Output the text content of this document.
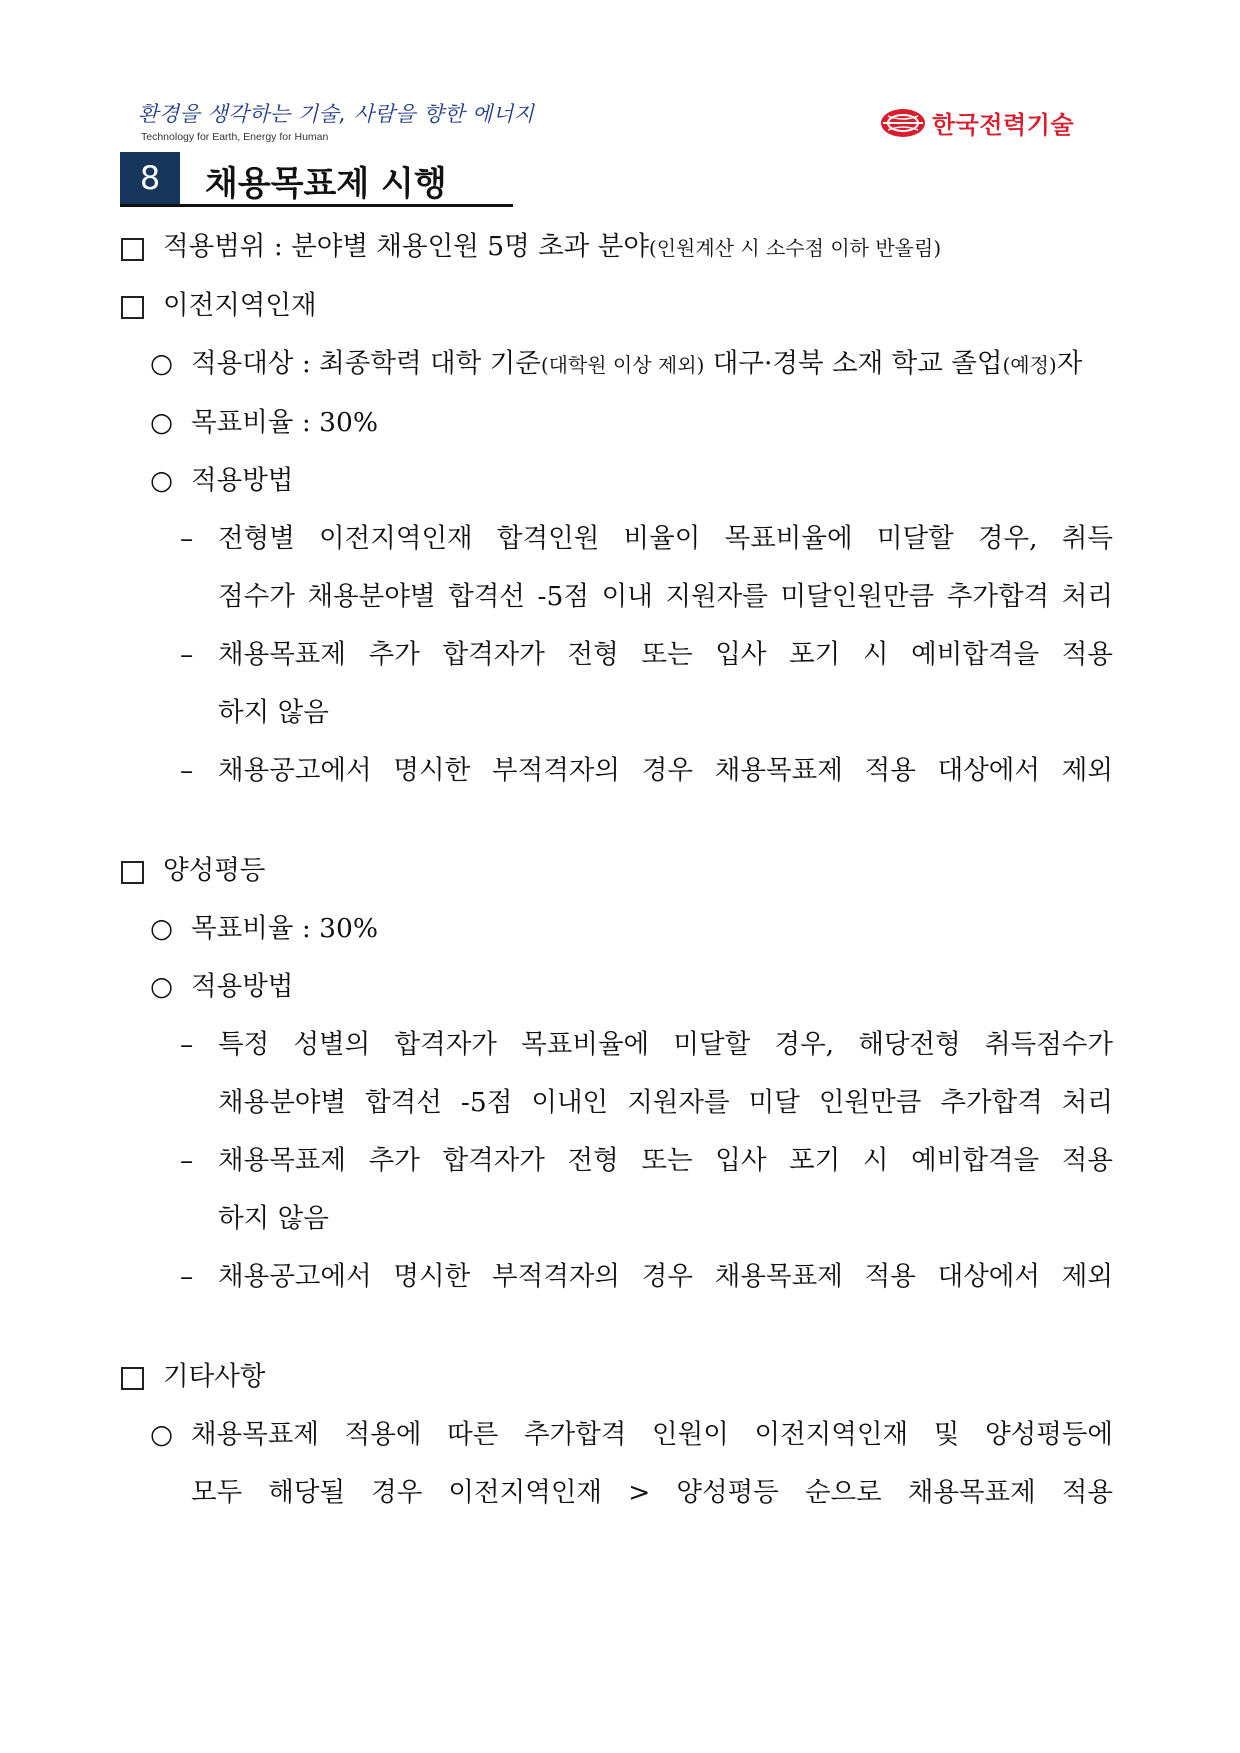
환경을 생각하는 기술, 사람을 향한 에너지
Technology for Earth, Energy for Human	한국전력기술
8	채용목표제 시행
적용범위 : 분야별 채용인원 5명 초과 분야(인원계산 시 소수점 이하 반올림)
이전지역인재
○ 적용대상 : 최종학력 대학 기준(대학원 이상 제외) 대구·경북 소재 학교 졸업(예정)자
○ 목표비율 : 30%
○ 적용방법
– 전형별 이전지역인재 합격인원 비율이 목표비율에 미달할 경우, 취득
점수가 채용분야별 합격선 -5점 이내 지원자를 미달인원만큼 추가합격 처리
– 채용목표제 추가 합격자가 전형 또는 입사 포기 시 예비합격을 적용
하지 않음
– 채용공고에서 명시한 부적격자의 경우 채용목표제 적용 대상에서 제외
양성평등
○ 목표비율 : 30%
○ 적용방법
– 특정 성별의 합격자가 목표비율에 미달할 경우, 해당전형 취득점수가
채용분야별 합격선 -5점 이내인 지원자를 미달 인원만큼 추가합격 처리
– 채용목표제 추가 합격자가 전형 또는 입사 포기 시 예비합격을 적용
하지 않음
– 채용공고에서 명시한 부적격자의 경우 채용목표제 적용 대상에서 제외
기타사항
○ 채용목표제 적용에 따른 추가합격 인원이 이전지역인재 및 양성평등에
모두 해당될 경우 이전지역인재 > 양성평등 순으로 채용목표제 적용
